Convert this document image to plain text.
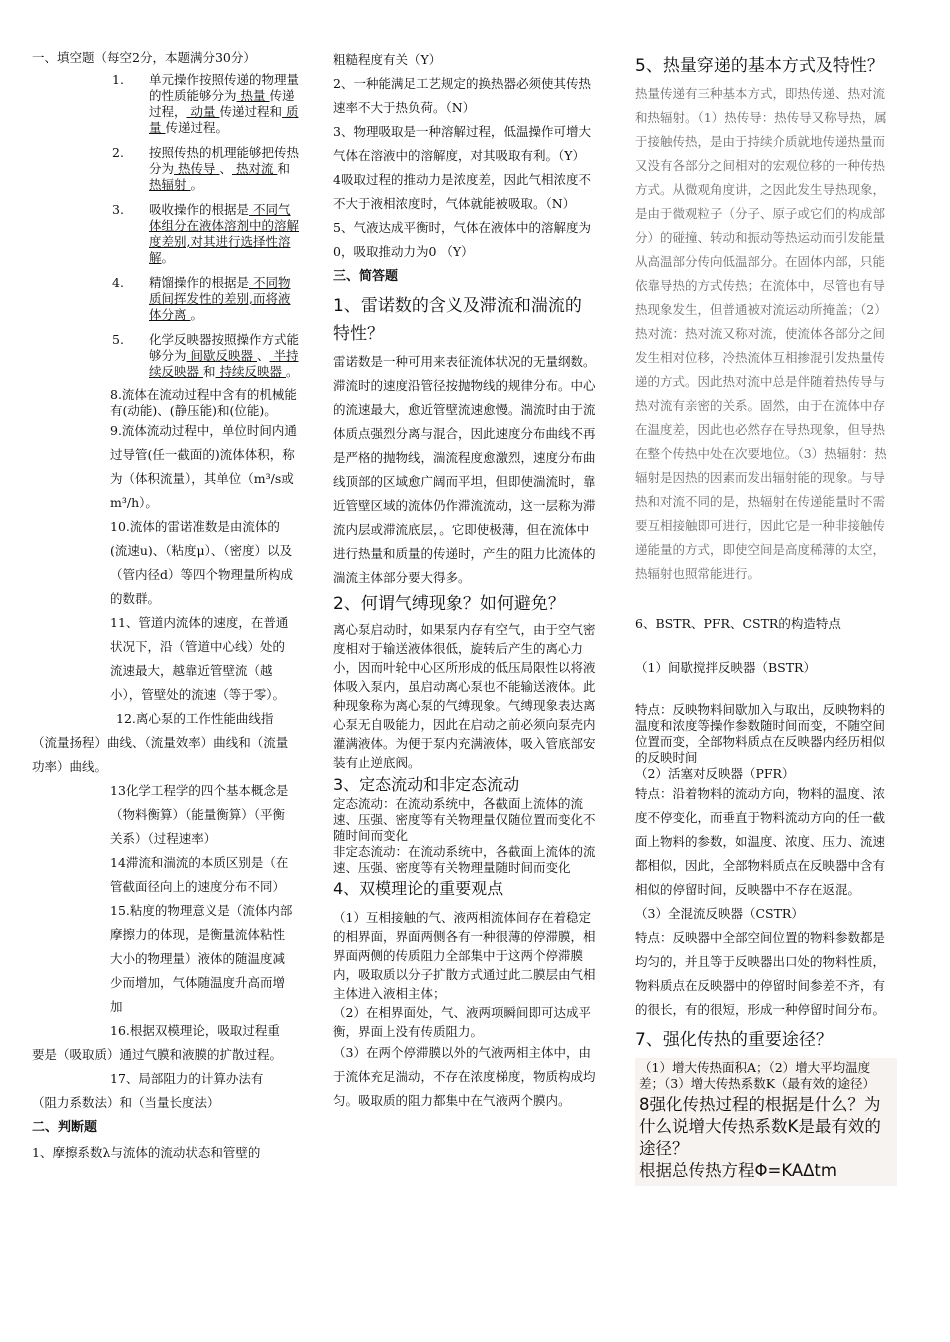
一、填空题（每空2分，本题满分30分）

1. 单元操作按照传递的物理量的性质能够分为 热量 传递过程， 动量 传递过程和 质量 传递过程。
2. 按照传热的机理能够把传热分为 热传导 、 热对流 和 热辐射 。
3. 吸收操作的根据是 不同气体组分在液体溶剂中的溶解度差别,对其进行选择性溶解。
4. 精馏操作的根据是 不同物质间挥发性的差别,而将液体分离 。
5. 化学反映器按照操作方式能够分为 间歇反映器 、 半持续反映器 和 持续反映器 。

8.流体在流动过程中含有的机械能有(动能)、(静压能)和(位能)。

9.流体流动过程中，单位时间内通过导管(任一截面的)流体体积，称为（体积流量），其单位（m³/s或m³/h）。

10.流体的雷诺准数是由流体的(流速u)、（粘度μ）、（密度）以及（管内径d）等四个物理量所构成的数群。

11、管道内流体的速度，在普通状况下，沿（管道中心线）处的流速最大，越靠近管壁流（越小），管壁处的流速（等于零）。

12.离心泵的工作性能曲线指

（流量扬程）曲线、（流量效率）曲线和（流量功率）曲线。

13化学工程学的四个基本概念是（物料衡算）（能量衡算）（平衡关系）（过程速率）

14滞流和湍流的本质区别是（在管截面径向上的速度分布不同）

15.粘度的物理意义是（流体内部摩擦力的体现，是衡量流体粘性大小的物理量）液体的随温度减少而增加，气体随温度升高而增加

16.根据双模理论，吸取过程重

要是（吸取质）通过气膜和液膜的扩散过程。

17、局部阻力的计算办法有

（阻力系数法）和（当量长度法）

二、判断题

1、摩擦系数λ与流体的流动状态和管壁的

粗糙程度有关（Y）

2、一种能满足工艺规定的换热器必须使其传热速率不大于热负荷。（N）

3、物理吸取是一种溶解过程，低温操作可增大气体在溶液中的溶解度，对其吸取有利。（Y）

4吸取过程的推动力是浓度差，因此气相浓度不不大于液相浓度时，气体就能被吸取。（N）

5、气液达成平衡时，气体在液体中的溶解度为0，吸取推动力为0 （Y）

三、简答题

1、雷诺数的含义及滞流和湍流的特性？

雷诺数是一种可用来表征流体状况的无量纲数。滞流时的速度沿管径按抛物线的规律分布。中心的流速最大，愈近管壁流速愈慢。湍流时由于流体质点强烈分离与混合，因此速度分布曲线不再是严格的抛物线，湍流程度愈激烈，速度分布曲线顶部的区域愈广阔而平坦，但即使湍流时，靠近管壁区域的流体仍作滞流流动，这一层称为滞流内层或滞流底层，。它即使极薄，但在流体中进行热量和质量的传递时，产生的阻力比流体的湍流主体部分要大得多。

2、何谓气缚现象？如何避免？

离心泵启动时，如果泵内存有空气，由于空气密度相对于输送液体很低，旋转后产生的离心力小，因而叶轮中心区所形成的低压局限性以将液体吸入泵内，虽启动离心泵也不能输送液体。此种现象称为离心泵的气缚现象。气缚现象表达离心泵无自吸能力，因此在启动之前必须向泵壳内灌满液体。为便于泵内充满液体，吸入管底部安装有止逆底阀。

3、定态流动和非定态流动

定态流动：在流动系统中，各截面上流体的流速、压强、密度等有关物理量仅随位置而变化不随时间而变化

非定态流动：在流动系统中，各截面上流体的流速、压强、密度等有关物理量随时间而变化

4、双模理论的重要观点

（1）互相接触的气、液两相流体间存在着稳定的相界面，界面两侧各有一种很薄的停滞膜，相界面两侧的传质阻力全部集中于这两个停滞膜内，吸取质以分子扩散方式通过此二膜层由气相主体进入液相主体；

（2）在相界面处，气、液两项瞬间即可达成平衡，界面上没有传质阻力。

（3）在两个停滞膜以外的气液两相主体中，由于流体充足湍动，不存在浓度梯度，物质构成均匀。吸取质的阻力都集中在气液两个膜内。

5、热量穿递的基本方式及特性？

热量传递有三种基本方式，即热传递、热对流和热辐射。（1）热传导：热传导又称导热，属于接触传热，是由于持续介质就地传递热量而又没有各部分之间相对的宏观位移的一种传热方式。从微观角度讲，之因此发生导热现象，是由于微观粒子（分子、原子或它们的构成部分）的碰撞、转动和振动等热运动而引发能量从高温部分传向低温部分。在固体内部，只能依靠导热的方式传热；在流体中，尽管也有导热现象发生，但普通被对流运动所掩盖；（2）热对流：热对流又称对流，使流体各部分之间发生相对位移，冷热流体互相掺混引发热量传递的方式。因此热对流中总是伴随着热传导与热对流有亲密的关系。固然，由于在流体中存在温度差，因此也必然存在导热现象，但导热在整个传热中处在次要地位。（3）热辐射：热辐射是因热的因素而发出辐射能的现象。与导热和对流不同的是，热辐射在传递能量时不需要互相接触即可进行，因此它是一种非接触传递能量的方式，即使空间是高度稀薄的太空，热辐射也照常能进行。

6、BSTR、PFR、CSTR的构造特点

（1）间歇搅拌反映器（BSTR）

特点：反映物料间歇加入与取出，反映物料的温度和浓度等操作参数随时间而变，不随空间位置而变，全部物料质点在反映器内经历相似的反映时间

（2）活塞对反映器（PFR）

特点：沿着物料的流动方向，物料的温度、浓度不停变化，而垂直于物料流动方向的任一截面上物料的参数，如温度、浓度、压力、流速都相似，因此，全部物料质点在反映器中含有相似的停留时间，反映器中不存在返混。

（3）全混流反映器（CSTR）

特点：反映器中全部空间位置的物料参数都是均匀的，并且等于反映器出口处的物料性质，物料质点在反映器中的停留时间参差不齐，有的很长，有的很短，形成一种停留时间分布。

7、强化传热的重要途径？

（1）增大传热面积A；（2）增大平均温度差；（3）增大传热系数K（最有效的途径）

8强化传热过程的根据是什么？为什么说增大传热系数K是最有效的途径？

根据总传热方程Φ=KAΔtm
